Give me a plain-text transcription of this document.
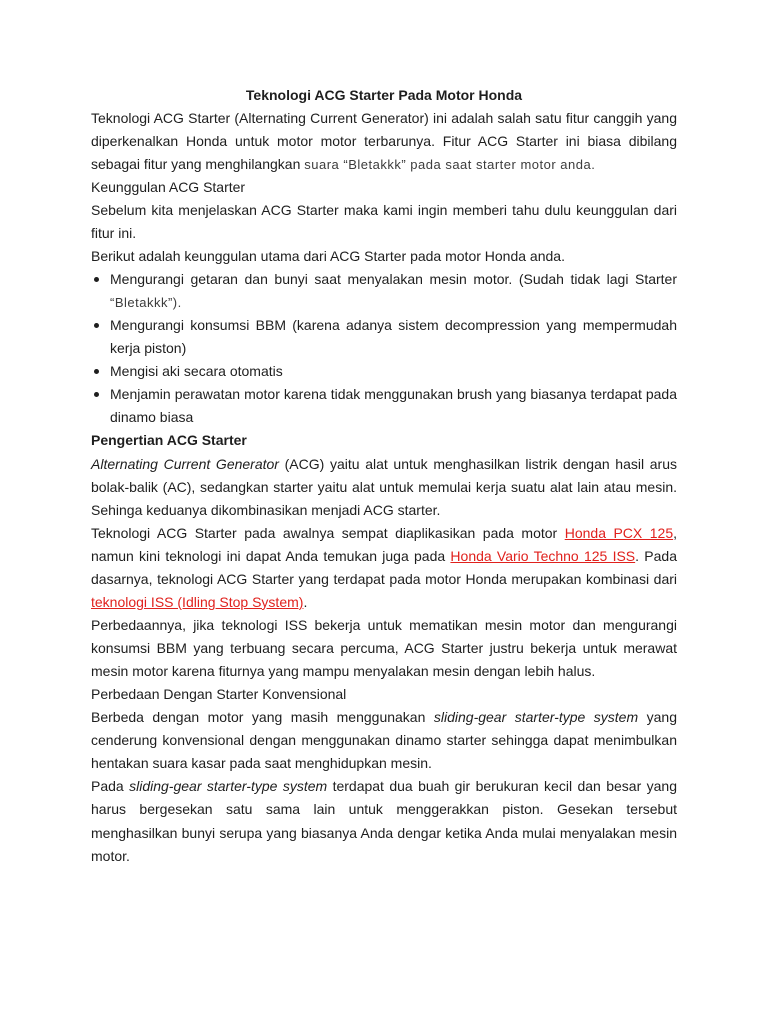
Teknologi ACG Starter Pada Motor Honda

Teknologi ACG Starter (Alternating Current Generator) ini adalah salah satu fitur canggih yang diperkenalkan Honda untuk motor motor terbarunya. Fitur ACG Starter ini biasa dibilang sebagai fitur yang menghilangkan suara “Bletakkk” pada saat starter motor anda.

Keunggulan ACG Starter

Sebelum kita menjelaskan ACG Starter maka kami ingin memberi tahu dulu keunggulan dari fitur ini.

Berikut adalah keunggulan utama dari ACG Starter pada motor Honda anda.

Mengurangi getaran dan bunyi saat menyalakan mesin motor. (Sudah tidak lagi Starter “Bletakkk”).
Mengurangi konsumsi BBM (karena adanya sistem decompression yang mempermudah kerja piston)
Mengisi aki secara otomatis
Menjamin perawatan motor karena tidak menggunakan brush yang biasanya terdapat pada dinamo biasa

Pengertian ACG Starter

Alternating Current Generator (ACG) yaitu alat untuk menghasilkan listrik dengan hasil arus bolak-balik (AC), sedangkan starter yaitu alat untuk memulai kerja suatu alat lain atau mesin. Sehinga keduanya dikombinasikan menjadi ACG starter.

Teknologi ACG Starter pada awalnya sempat diaplikasikan pada motor Honda PCX 125, namun kini teknologi ini dapat Anda temukan juga pada Honda Vario Techno 125 ISS. Pada dasarnya, teknologi ACG Starter yang terdapat pada motor Honda merupakan kombinasi dari teknologi ISS (Idling Stop System).

Perbedaannya, jika teknologi ISS bekerja untuk mematikan mesin motor dan mengurangi konsumsi BBM yang terbuang secara percuma, ACG Starter justru bekerja untuk merawat mesin motor karena fiturnya yang mampu menyalakan mesin dengan lebih halus.

Perbedaan Dengan Starter Konvensional

Berbeda dengan motor yang masih menggunakan sliding-gear starter-type system yang cenderung konvensional dengan menggunakan dinamo starter sehingga dapat menimbulkan hentakan suara kasar pada saat menghidupkan mesin.

Pada sliding-gear starter-type system terdapat dua buah gir berukuran kecil dan besar yang harus bergesekan satu sama lain untuk menggerakkan piston. Gesekan tersebut menghasilkan bunyi serupa yang biasanya Anda dengar ketika Anda mulai menyalakan mesin motor.
